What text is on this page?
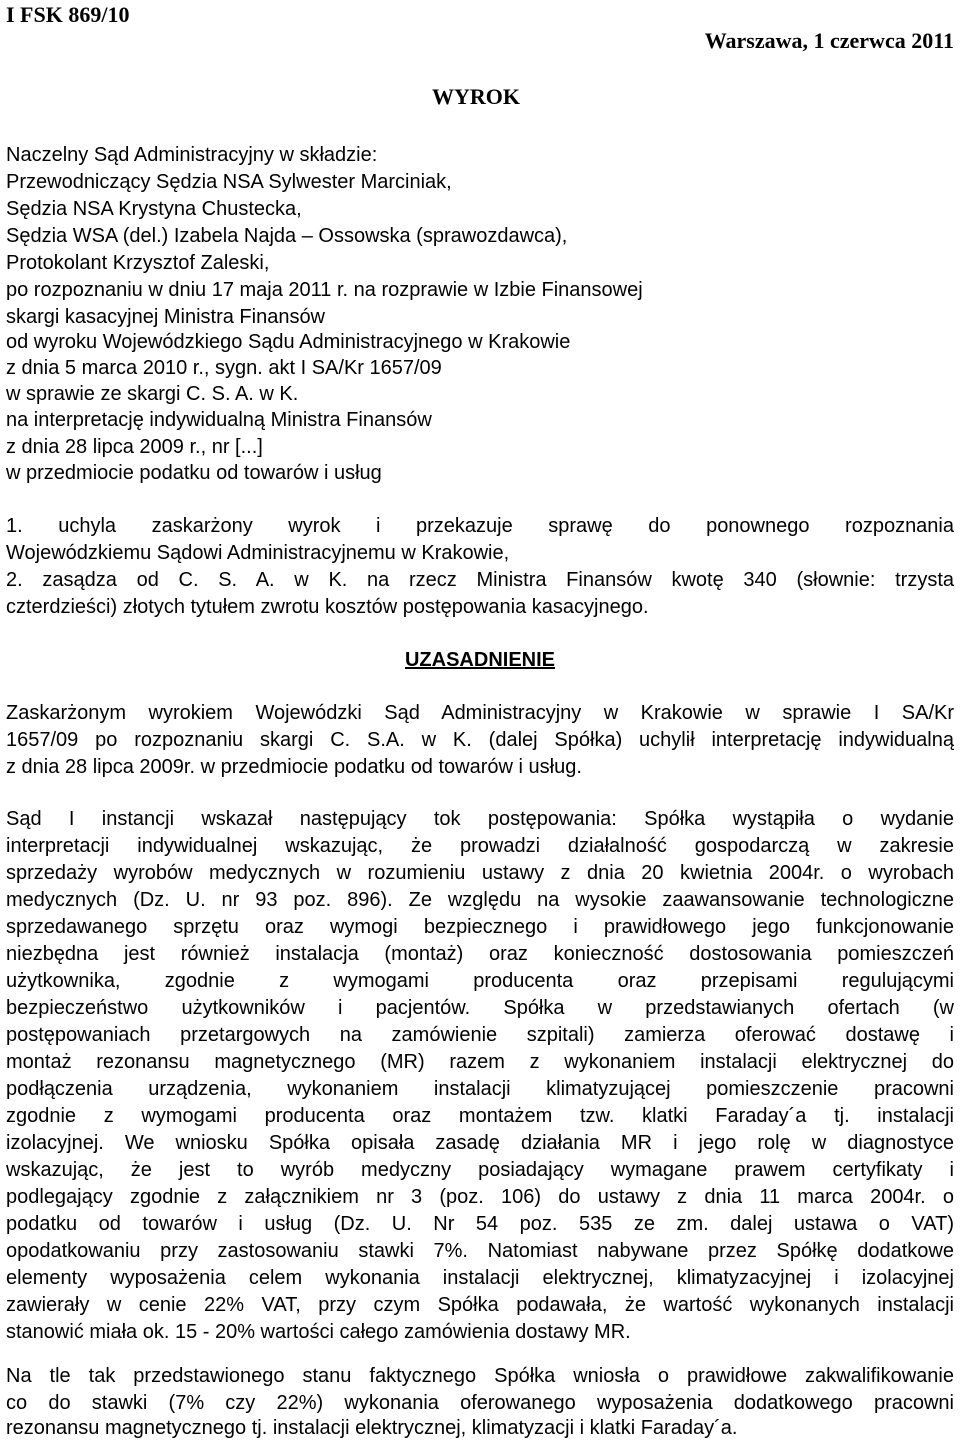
I FSK 869/10
Warszawa, 1 czerwca 2011
WYROK
Naczelny Sąd Administracyjny w składzie:
Przewodniczący Sędzia NSA Sylwester Marciniak,
Sędzia NSA Krystyna Chustecka,
Sędzia WSA (del.) Izabela Najda – Ossowska (sprawozdawca),
Protokolant Krzysztof Zaleski,
po rozpoznaniu w dniu 17 maja 2011 r. na rozprawie w Izbie Finansowej
skargi kasacyjnej Ministra Finansów
od wyroku Wojewódzkiego Sądu Administracyjnego w Krakowie
z dnia 5 marca 2010 r., sygn. akt I SA/Kr 1657/09
w sprawie ze skargi C. S. A. w K.
na interpretację indywidualną Ministra Finansów
z dnia 28 lipca 2009 r., nr [...]
w przedmiocie podatku od towarów i usług
1. uchyla zaskarżony wyrok i przekazuje sprawę do ponownego rozpoznania
Wojewódzkiemu Sądowi Administracyjnemu w Krakowie,
2. zasądza od C. S. A. w K. na rzecz Ministra Finansów kwotę 340 (słownie: trzysta
czterdzieści) złotych tytułem zwrotu kosztów postępowania kasacyjnego.
UZASADNIENIE
Zaskarżonym wyrokiem Wojewódzki Sąd Administracyjny w Krakowie w sprawie I SA/Kr
1657/09 po rozpoznaniu skargi C. S.A. w K. (dalej Spółka) uchylił interpretację indywidualną
z dnia 28 lipca 2009r. w przedmiocie podatku od towarów i usług.
Sąd I instancji wskazał następujący tok postępowania: Spółka wystąpiła o wydanie
interpretacji indywidualnej wskazując, że prowadzi działalność gospodarczą w zakresie
sprzedaży wyrobów medycznych w rozumieniu ustawy z dnia 20 kwietnia 2004r. o wyrobach
medycznych (Dz. U. nr 93 poz. 896). Ze względu na wysokie zaawansowanie technologiczne
sprzedawanego sprzętu oraz wymogi bezpiecznego i prawidłowego jego funkcjonowanie
niezbędna jest również instalacja (montaż) oraz konieczność dostosowania pomieszczeń
użytkownika, zgodnie z wymogami producenta oraz przepisami regulującymi
bezpieczeństwo użytkowników i pacjentów. Spółka w przedstawianych ofertach (w
postępowaniach przetargowych na zamówienie szpitali) zamierza oferować dostawę i
montaż rezonansu magnetycznego (MR) razem z wykonaniem instalacji elektrycznej do
podłączenia urządzenia, wykonaniem instalacji klimatyzującej pomieszczenie pracowni
zgodnie z wymogami producenta oraz montażem tzw. klatki Faraday´a tj. instalacji
izolacyjnej. We wniosku Spółka opisała zasadę działania MR i jego rolę w diagnostyce
wskazując, że jest to wyrób medyczny posiadający wymagane prawem certyfikaty i
podlegający zgodnie z załącznikiem nr 3 (poz. 106) do ustawy z dnia 11 marca 2004r. o
podatku od towarów i usług (Dz. U. Nr 54 poz. 535 ze zm. dalej ustawa o VAT)
opodatkowaniu przy zastosowaniu stawki 7%. Natomiast nabywane przez Spółkę dodatkowe
elementy wyposażenia celem wykonania instalacji elektrycznej, klimatyzacyjnej i izolacyjnej
zawierały w cenie 22% VAT, przy czym Spółka podawała, że wartość wykonanych instalacji
stanowić miała ok. 15 - 20% wartości całego zamówienia dostawy MR.
Na tle tak przedstawionego stanu faktycznego Spółka wniosła o prawidłowe zakwalifikowanie
co do stawki (7% czy 22%) wykonania oferowanego wyposażenia dodatkowego pracowni
rezonansu magnetycznego tj. instalacji elektrycznej, klimatyzacji i klatki Faraday´a.
